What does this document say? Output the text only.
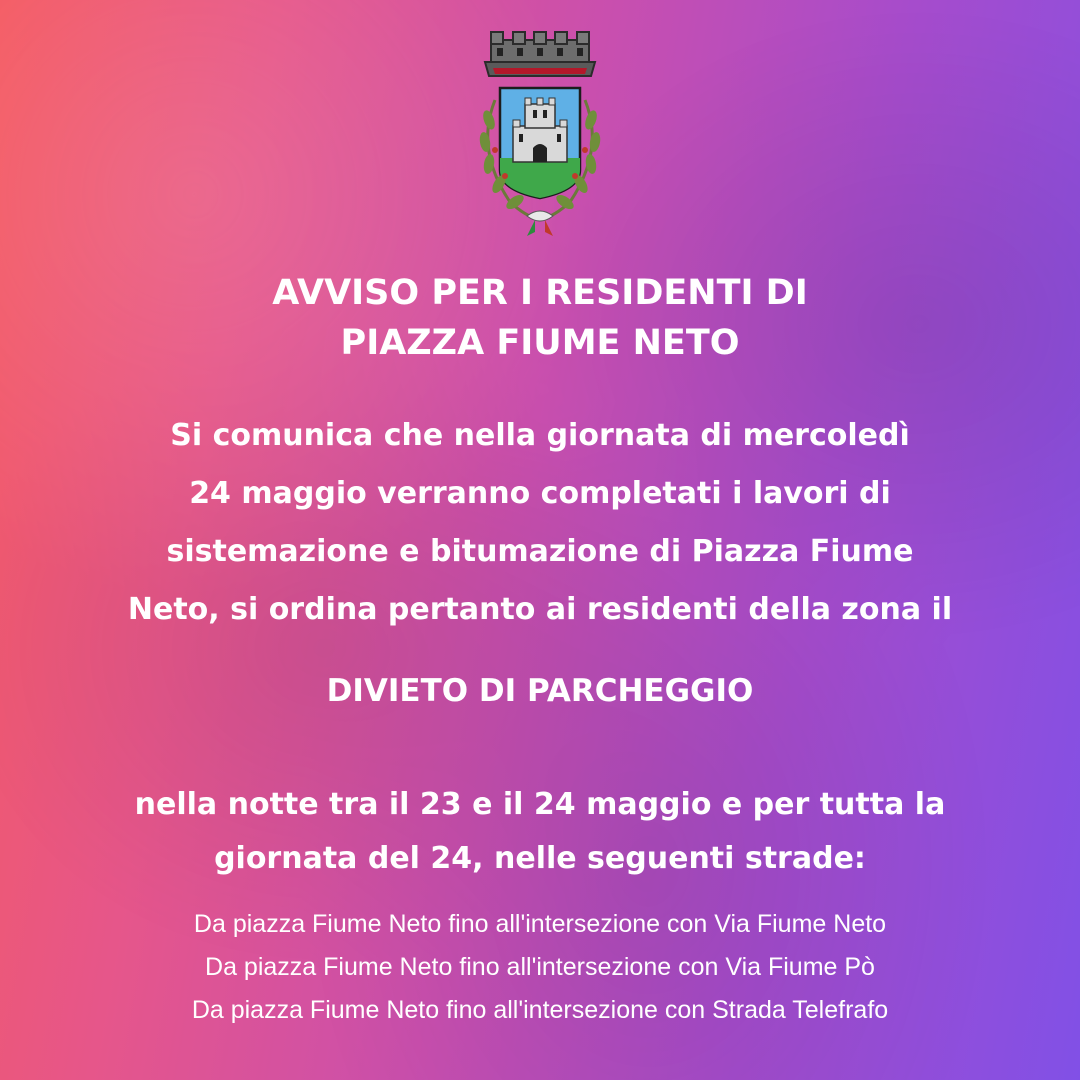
AVVISO PER I RESIDENTI DI
PIAZZA FIUME NETO
Si comunica che nella giornata di mercoledì
24 maggio verranno completati i lavori di
sistemazione e bitumazione di Piazza Fiume
Neto, si ordina pertanto ai residenti della zona il
DIVIETO DI PARCHEGGIO
nella notte tra il 23 e il 24 maggio e per tutta la
giornata del 24, nelle seguenti strade:
Da piazza Fiume Neto fino all'intersezione con Via Fiume Neto
Da piazza Fiume Neto fino all'intersezione con Via Fiume Pò
Da piazza Fiume Neto fino all'intersezione con Strada Telefrafo
